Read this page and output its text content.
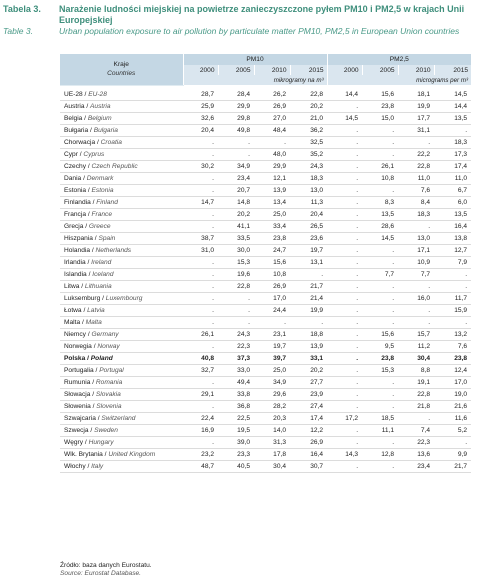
Tabela 3.	Narażenie ludności miejskiej na powietrze zanieczyszczone pyłem PM10 i PM2,5 w krajach Unii Europejskiej
Table 3.	Urban population exposure to air pollution by particulate matter PM10, PM2,5 in European Union countries
Kraje
Countries	PM10				PM2,5			
	2000	2005	2010	2015	2000	2005	2010	2015
	mikrogramy na m³				micrograms per m³			

UE-28 / EU-28	28,7	28,4	26,2	22,8	14,4	15,6	18,1	14,5
Austria / Austria	25,9	29,9	26,9	20,2	.	23,8	19,9	14,4
Belgia / Belgium	32,6	29,8	27,0	21,0	14,5	15,0	17,7	13,5
Bułgaria / Bulgaria	20,4	49,8	48,4	36,2	.	.	31,1	.
Chorwacja / Croatia	.	.	.	32,5	.	.	.	18,3
Cypr / Cyprus	.	.	48,0	35,2	.	.	22,2	17,3
Czechy / Czech Republic	30,2	34,9	29,9	24,3	.	26,1	22,8	17,4
Dania / Denmark	.	23,4	12,1	18,3	.	10,8	11,0	11,0
Estonia / Estonia	.	20,7	13,9	13,0	.	.	7,6	6,7
Finlandia / Finland	14,7	14,8	13,4	11,3	.	8,3	8,4	6,0
Francja / France	.	20,2	25,0	20,4	.	13,5	18,3	13,5
Grecja / Greece	.	41,1	33,4	26,5	.	28,6	.	16,4
Hiszpania / Spain	38,7	33,5	23,8	23,6	.	14,5	13,0	13,8
Holandia / Netherlands	31,0	30,0	24,7	19,7	.	.	17,1	12,7
Irlandia / Ireland	.	15,3	15,6	13,1	.	.	10,9	7,9
Islandia / Iceland	.	19,6	10,8	.	.	7,7	7,7	.
Litwa / Lithuania	.	22,8	26,9	21,7	.	.	.	.
Luksemburg / Luxembourg	.	.	17,0	21,4	.	.	16,0	11,7
Łotwa / Latvia	.	.	24,4	19,9	.	.	.	15,9
Malta / Malta	.	.	.	.	.	.	.	.
Niemcy / Germany	26,1	24,3	23,1	18,8	.	15,6	15,7	13,2
Norwegia / Norway	.	22,3	19,7	13,9	.	9,5	11,2	7,6
Polska / Poland	40,8	37,3	39,7	33,1	.	23,8	30,4	23,8
Portugalia / Portugal	32,7	33,0	25,0	20,2	.	15,3	8,8	12,4
Rumunia / Romania	.	49,4	34,9	27,7	.	.	19,1	17,0
Słowacja / Slovakia	29,1	33,8	29,6	23,9	.	.	22,8	19,0
Słowenia / Slovenia	.	36,8	28,2	27,4	.	.	21,8	21,6
Szwajcaria / Switzerland	22,4	22,5	20,3	17,4	17,2	18,5	.	11,6
Szwecja / Sweden	16,9	19,5	14,0	12,2	.	11,1	7,4	5,2
Węgry / Hungary	.	39,0	31,3	26,9	.	.	22,3	.
Wlk. Brytania / United Kingdom	23,2	23,3	17,8	16,4	14,3	12,8	13,6	9,9
Włochy / Italy	48,7	40,5	30,4	30,7	.	.	23,4	21,7
Źródło: baza danych Eurostatu.
Source: Eurostat Database.
